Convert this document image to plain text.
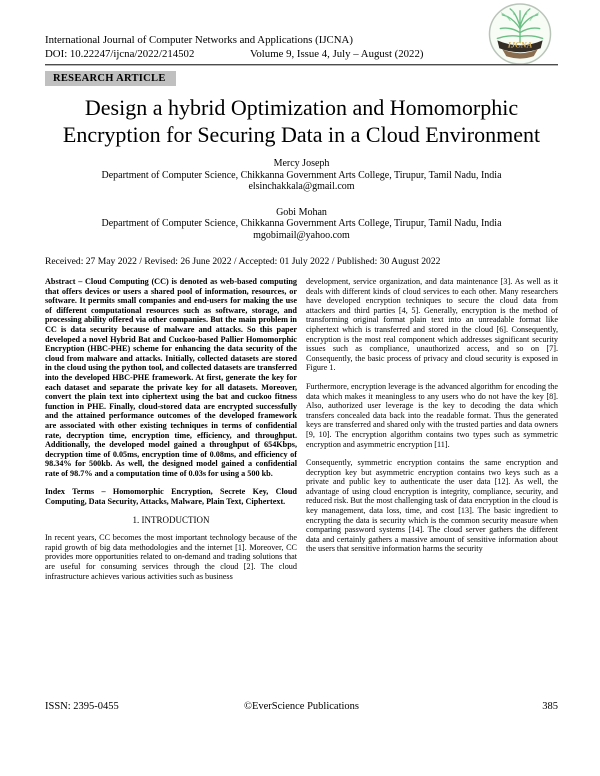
IJCNA
International Journal of Computer Networks and Applications (IJCNA)
DOI: 10.22247/ijcna/2022/214502	Volume 9, Issue 4, July – August (2022)
RESEARCH ARTICLE
Design a hybrid Optimization and Homomorphic Encryption for Securing Data in a Cloud Environment
Mercy Joseph
Department of Computer Science, Chikkanna Government Arts College, Tirupur, Tamil Nadu, India
elsinchakkala@gmail.com
Gobi Mohan
Department of Computer Science, Chikkanna Government Arts College, Tirupur, Tamil Nadu, India
mgobimail@yahoo.com
Received: 27 May 2022 / Revised: 26 June 2022 / Accepted: 01 July 2022 / Published: 30 August 2022

Abstract – Cloud Computing (CC) is denoted as web-based computing that offers devices or users a shared pool of information, resources, or software. It permits small companies and end-users for making the use of different computational resources such as software, storage, and processing ability offered via other companies. But the main problem in CC is data security because of malware and attacks. So this paper developed a novel Hybrid Bat and Cuckoo-based Pallier Homomorphic Encryption (HBC-PHE) scheme for enhancing the data security of the cloud from malware and attacks. Initially, collected datasets are stored in the cloud using the python tool, and collected datasets are transferred into the developed HBC-PHE framework. At first, generate the key for each dataset and separate the private key for all datasets. Moreover, convert the plain text into ciphertext using the bat and cuckoo fitness function in PHE. Finally, cloud-stored data are encrypted successfully and the attained performance outcomes of the developed framework are associated with other existing techniques in terms of confidential rate, decryption time, encryption time, efficiency, and throughput. Additionally, the developed model gained a throughput of 654Kbps, decryption time of 0.05ms, encryption time of 0.08ms, and efficiency of 98.34% for 500kb. As well, the designed model gained a confidential rate of 98.7% and a computation time of 0.03s for using a 500 kb.

Index Terms – Homomorphic Encryption, Secrete Key, Cloud Computing, Data Security, Attacks, Malware, Plain Text, Ciphertext.

1. INTRODUCTION

In recent years, CC becomes the most important technology because of the rapid growth of big data methodologies and the internet [1]. Moreover, CC provides more opportunities related to on-demand and trading solutions that are useful for consuming services through the cloud [2]. The cloud infrastructure achieves various activities such as business

development, service organization, and data maintenance [3]. As well as it deals with different kinds of cloud services to each other. Many researchers have developed encryption techniques to secure the cloud data from attackers and third parties [4, 5]. Generally, encryption is the method of transforming original format plain text into an unreadable format like ciphertext which is transferred and stored in the cloud [6]. Consequently, encryption is the most real component which addresses significant security issues such as compliance, unauthorized access, and so on [7]. Consequently, the basic process of privacy and cloud security is exposed in Figure 1.

Furthermore, encryption leverage is the advanced algorithm for encoding the data which makes it meaningless to any users who do not have the key [8]. Also, authorized user leverage is the key to decoding the data which transfers concealed data back into the readable format. Thus the generated keys are transferred and shared only with the trusted parties and data owners [9, 10]. The encryption algorithm contains two types such as symmetric encryption and asymmetric encryption [11].

Consequently, symmetric encryption contains the same encryption and decryption key but asymmetric encryption contains two keys such as a private and public key to authenticate the user data [12]. As well, the advantage of using cloud encryption is integrity, compliance, security, and reduced risk. But the most challenging task of data encryption in the cloud is key management, data loss, time, and cost [13]. The basic ingredient to encrypting the data is security which is the common security measure when comparing password systems [14]. The cloud server gathers the different data and certainly gathers a massive amount of sensitive information about the users that sensitive information harms the security

ISSN: 2395-0455	©EverScience Publications	385
